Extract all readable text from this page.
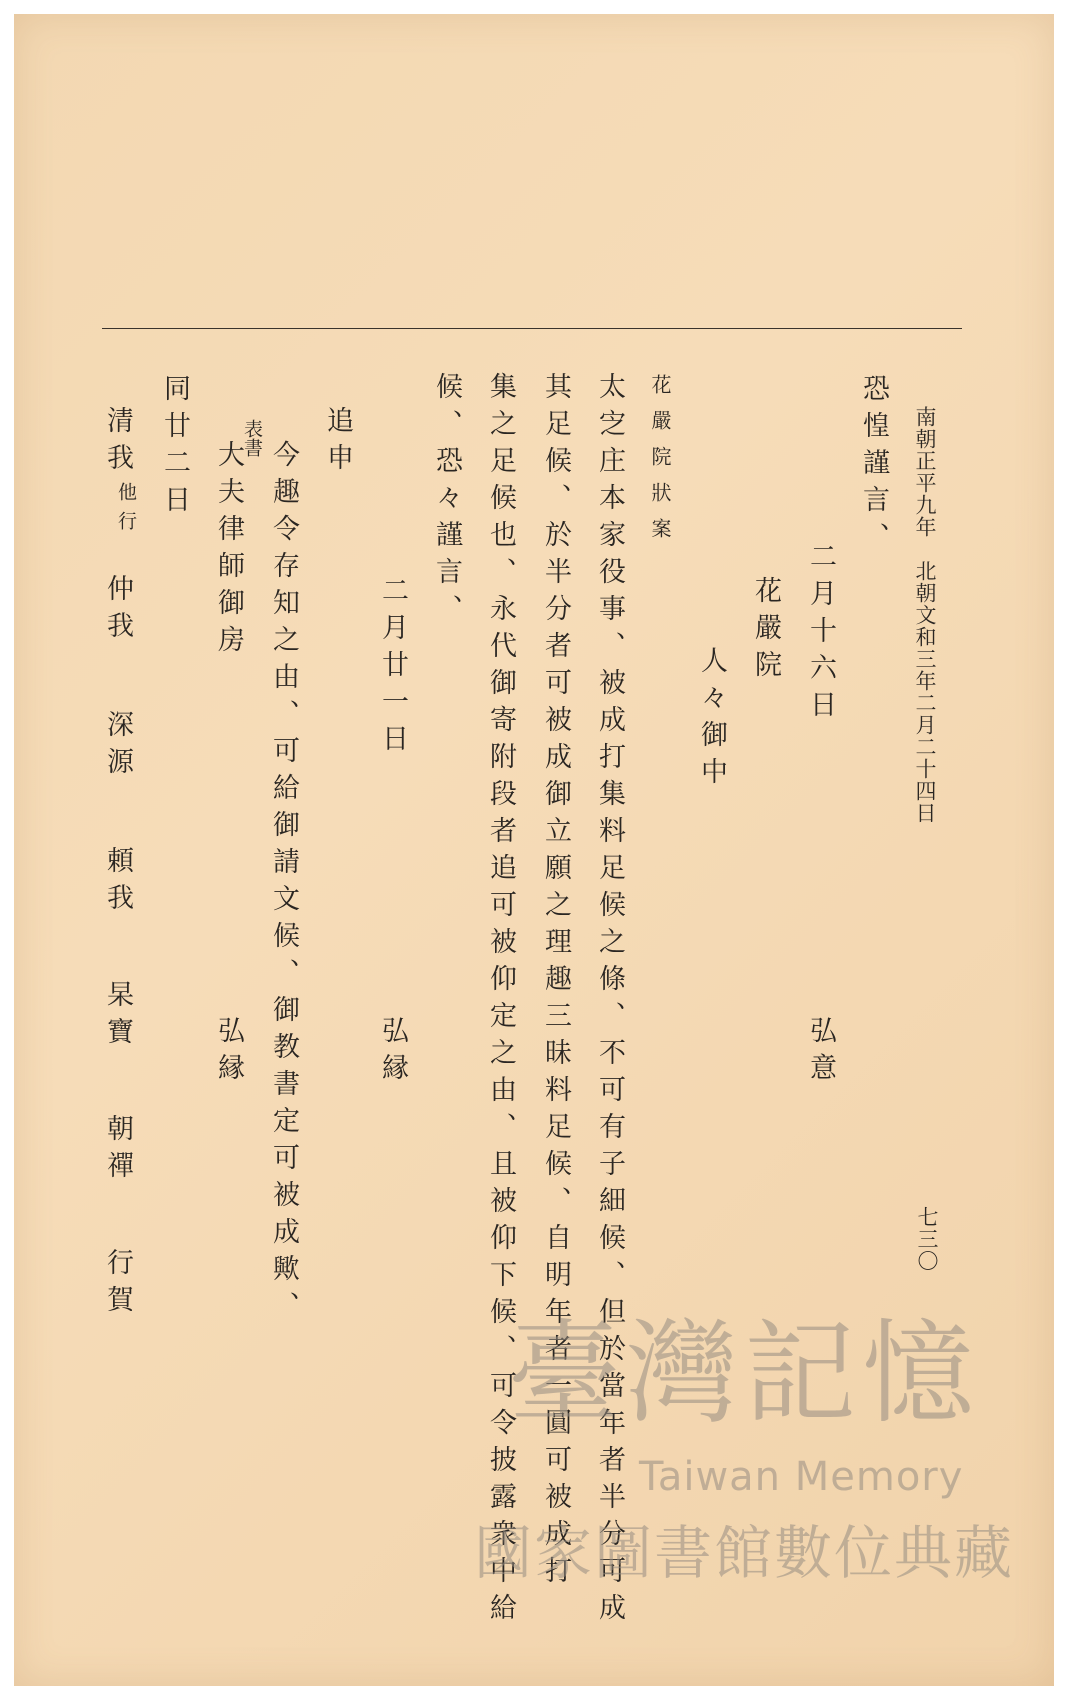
南朝正平九年　北朝文和三年二月二十四日
七三〇
恐惶謹言、
二月十六日
弘意
花嚴院
人々御中
花嚴院狀案
太㝎庄本家役事、被成打集料足候之條、不可有子細候、但於當年者半分可成
其足候、於半分者可被成御立願之理趣三昧料足候、自明年者一圓可被成打
集之足候也、永代御寄附段者追可被仰定之由、且被仰下候、可令披露衆中給
候、恐々謹言、
二月廿一日
弘縁
追申
今趣令存知之由、可給御請文候、御教書定可被成歟、
表書
大夫律師御房
弘縁
同廿二日
清我
他行
仲我
深源
頼我
杲寶
朝禪
行賀
臺灣記憶
Taiwan Memory
國家圖書館數位典藏
